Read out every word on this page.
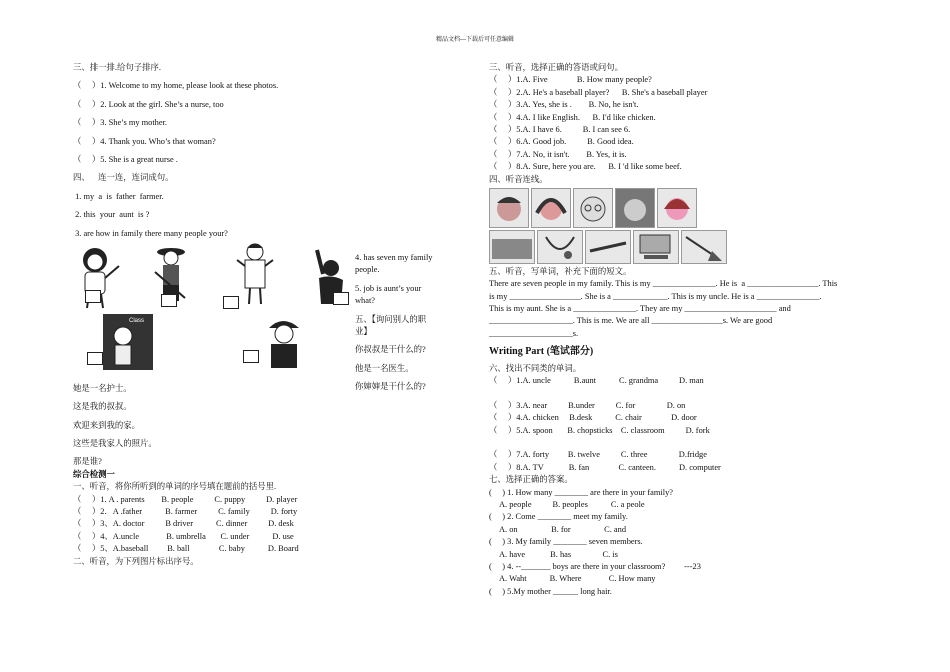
精品文档---下载后可任意编辑
三、排一排.给句子排序.
（     ）1. Welcome to my home, please look at these photos.
（     ）2. Look at the girl. She’s a nurse, too
（     ）3. She’s my mother.
（     ）4. Thank you. Who’s that woman?
（     ）5. She is a great nurse .
四、    连一连，连词成句。
1. my  a  is  father  farmer.
2. this  your  aunt  is ?
3. are how in family there many people your?
Class
4. has seven my family
people.
5. job is aunt’s your
what?
五、【询问别人的职
业】
你叔叔是干什么的?
他是一名医生。
你婶婶是干什么的?
她是一名护士。
这是我的叔叔。
欢迎来到我的家。
这些是我家人的照片。
那是谁?
综合检测一
一、听音，将你所听到的单词的序号填在题前的括号里.
（     ）1. A . parents        B. people          C. puppy          D. player
（     ）2．A .father           B. farmer          C. family          D. forty
（     ）3、A. doctor          B driver           C. dinner          D. desk
（     ）4、A.uncle             B. umbrella       C. under           D. use
（     ）5、A.baseball         B. ball              C. baby           D. Board
二、听音，为下列图片标出序号。
三、听音，选择正确的答语或问句。
（     ）1.A. Five              B. How many people?
（     ）2.A. He's a baseball player?      B. She's a baseball player
（     ）3.A. Yes, she is .        B. No, he isn't.
（     ）4.A. I like English.      B. I'd like chicken.
（     ）5.A. I have 6.          B. I can see 6.
（     ）6.A. Good job.          B. Good idea.
（     ）7.A. No, it isn't.        B. Yes, it is.
（     ）8.A. Sure, here you are.      B. I 'd like some beef.
四、听音连线。
五、听音，写单词，补充下面的短文。
There are seven people in my family. This is my _______________. He is  a _________________. This
is my _________________. She is a _____________. This is my uncle. He is a _______________.
This is my aunt. She is a _______________. They are my ______________________ and
____________________. This is me. We are all _________________s. We are good
____________________s.
Writing Part (笔试部分)
六、找出不同类的单词。
（     ）1.A. uncle           B.aunt           C. grandma          D. man
（     ）3.A. near          B.under          C. for               D. on
（     ）4.A. chicken     B.desk           C. chair              D. door
（     ）5.A. spoon       B. chopsticks    C. classroom          D. fork
（     ）7.A. forty         B. twelve          C. three               D.fridge
（     ）8.A. TV            B. fan              C. canteen.           D. computer
七、选择正确的答案。
(     ) 1. How many ________ are there in your family?
A. people          B. peoples           C. a peole
(     ) 2. Come ________ meet my family.
A. on                B. for                C. and
(     ) 3. My family ________ seven members.
A. have            B. has               C. is
(     ) 4. --_______ boys are there in your classroom?         ---23
A. Waht           B. Where             C. How many
(     ) 5.My mother ______ long hair.
